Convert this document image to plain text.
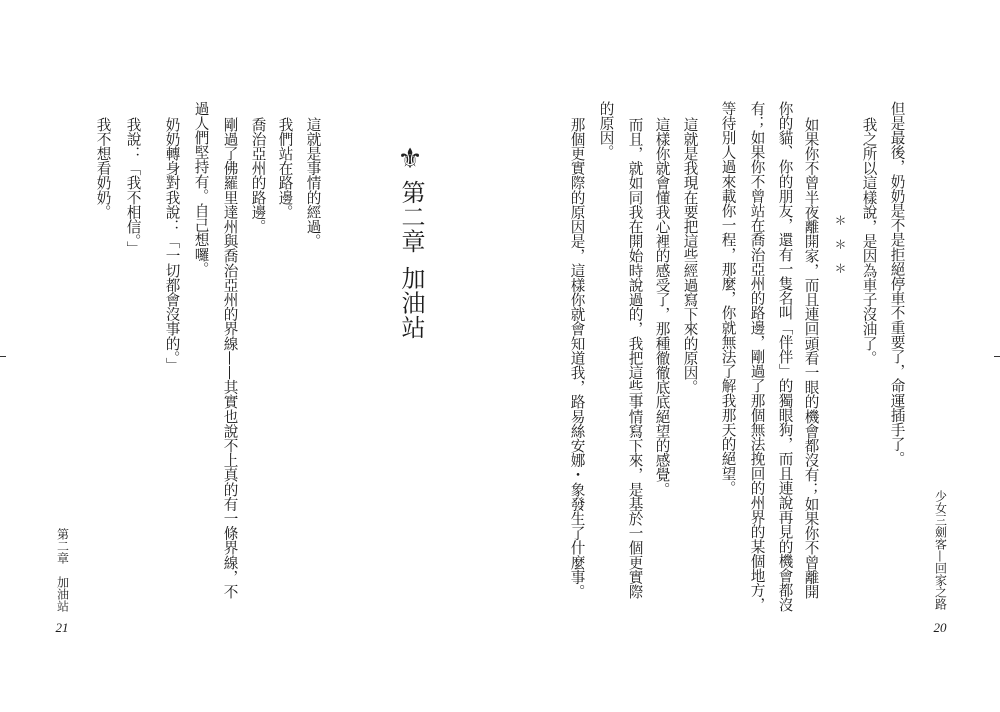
⚜
第二章
加油站
這就是事情的經過。
我們站在路邊。
喬治亞州的路邊。
剛過了佛羅里達州與喬治亞州的界線——其實也說不上真的有一條界線，不
過人們堅持有。自己想囉。
奶奶轉身對我說：「一切都會沒事的。」
我說：「我不相信。」
我不想看奶奶。
第二章　加油站
21
但是最後，奶奶是不是拒絕停車不重要了，命運插手了。
我之所以這樣說，是因為車子沒油了。
＊　＊　＊
如果你不曾半夜離開家，而且連回頭看一眼的機會都沒有；如果你不曾離開
你的貓、你的朋友，還有一隻名叫「伴伴」的獨眼狗，而且連說再見的機會都沒
有；如果你不曾站在喬治亞州的路邊，剛過了那個無法挽回的州界的某個地方，
等待別人過來載你一程，那麼，你就無法了解我那天的絕望。
這就是我現在要把這些經過寫下來的原因。
這樣你就會懂我心裡的感受了，那種徹徹底底絕望的感覺。
而且，就如同我在開始時說過的，我把這些事情寫下來，是基於一個更實際
的原因。
那個更實際的原因是，這樣你就會知道我，路易絲安娜・象發生了什麼事。	少女三劍客—回家之路
20
